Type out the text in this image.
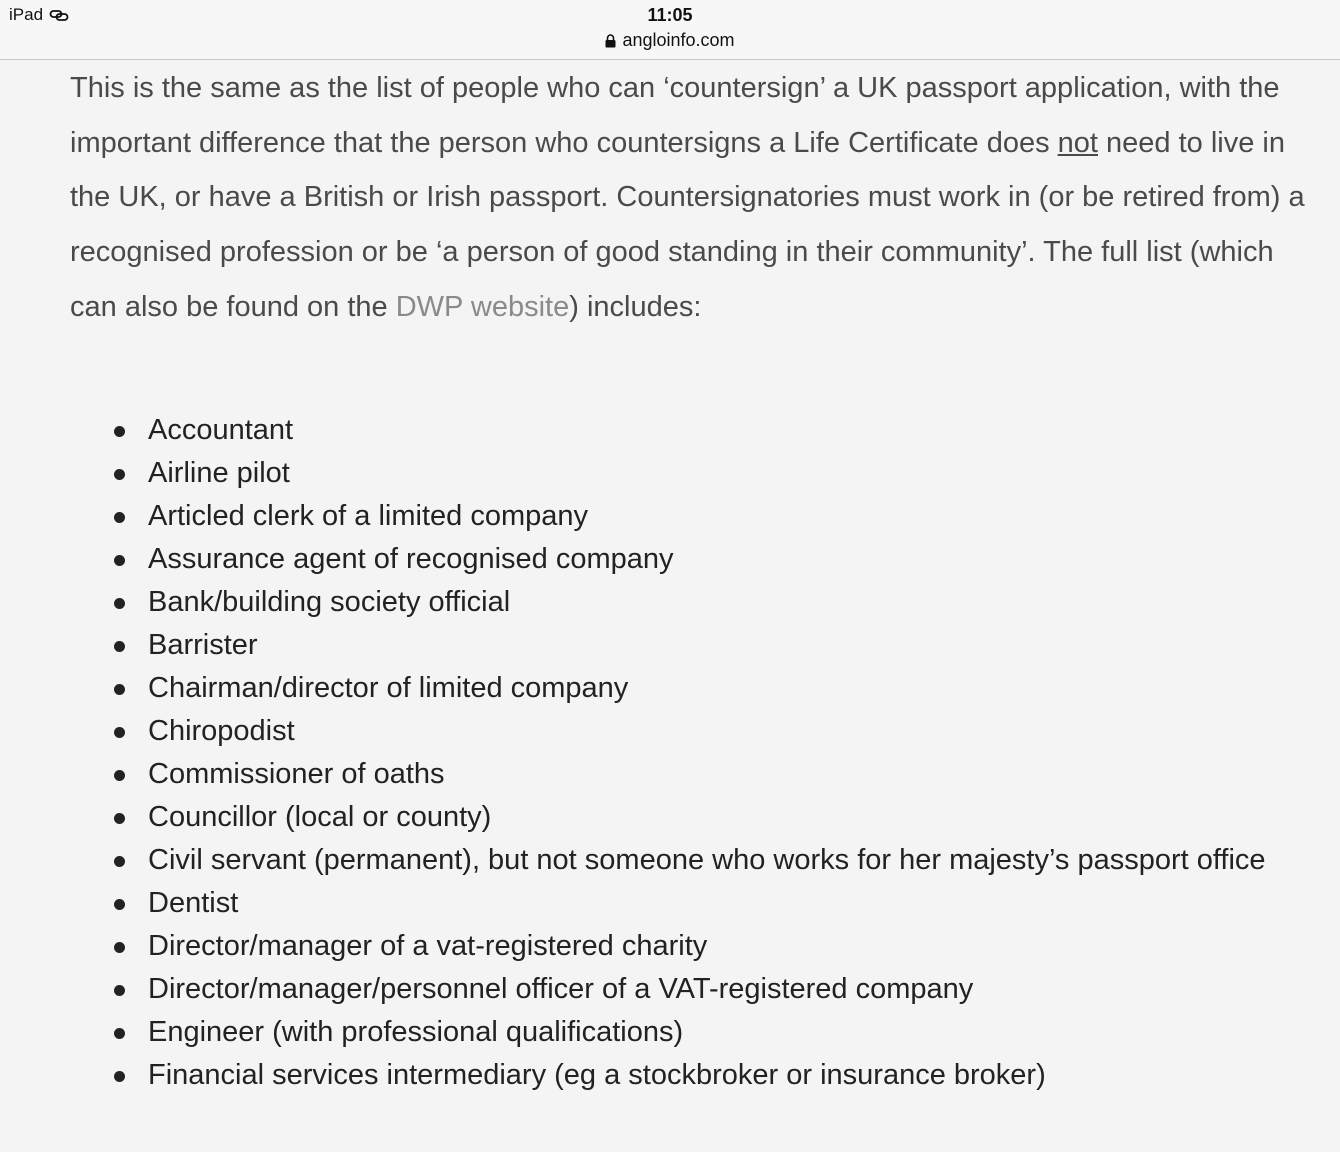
iPad	11:05
angloinfo.com

This is the same as the list of people who can ‘countersign’ a UK passport application, with the important difference that the person who countersigns a Life Certificate does not need to live in the UK, or have a British or Irish passport. Countersignatories must work in (or be retired from) a recognised profession or be ‘a person of good standing in their community’. The full list (which can also be found on the DWP website) includes:

Accountant
Airline pilot
Articled clerk of a limited company
Assurance agent of recognised company
Bank/building society official
Barrister
Chairman/director of limited company
Chiropodist
Commissioner of oaths
Councillor (local or county)
Civil servant (permanent), but not someone who works for her majesty’s passport office
Dentist
Director/manager of a vat-registered charity
Director/manager/personnel officer of a VAT-registered company
Engineer (with professional qualifications)
Financial services intermediary (eg a stockbroker or insurance broker)
